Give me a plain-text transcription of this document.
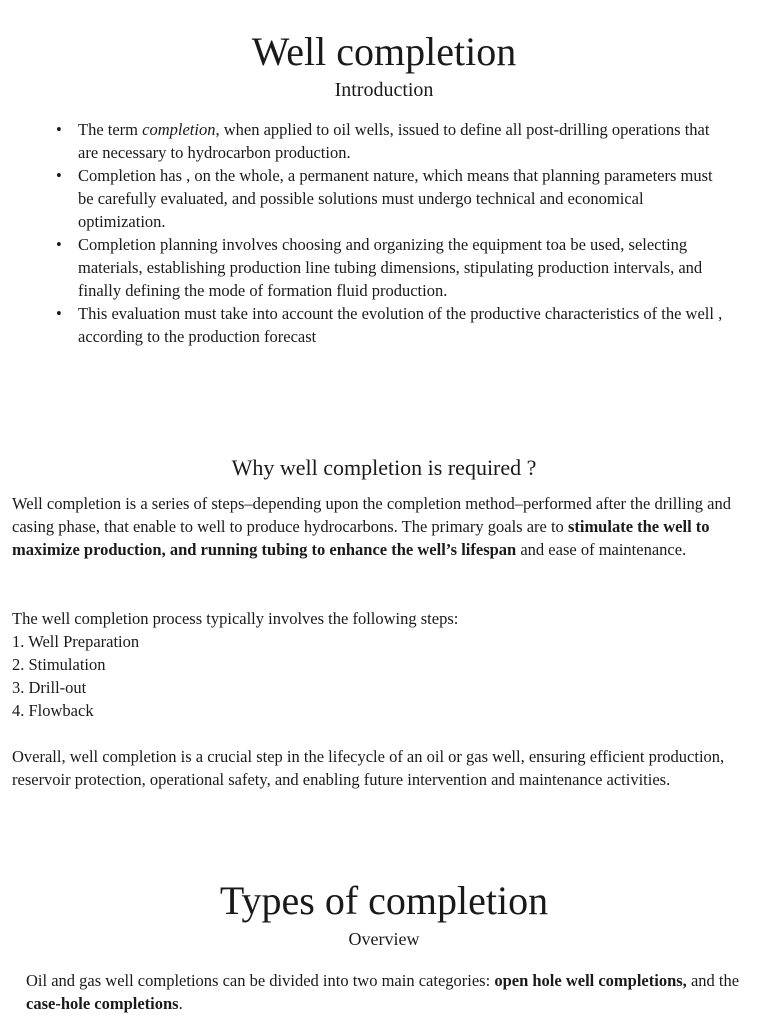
Well completion
Introduction
• The term completion, when applied to oil wells, issued to define all post-drilling operations that are necessary to hydrocarbon production.
• Completion has , on the whole, a permanent nature, which means that planning parameters must be carefully evaluated, and possible solutions must undergo technical and economical optimization.
• Completion planning involves choosing and organizing the equipment toa be used, selecting materials, establishing production line tubing dimensions, stipulating production intervals, and finally defining the mode of formation fluid production.
• This evaluation must take into account the evolution of the productive characteristics of the well , according to the production forecast
Why well completion is required ?
Well completion is a series of steps–depending upon the completion method–performed after the drilling and casing phase, that enable to well to produce hydrocarbons. The primary goals are to stimulate the well to maximize production, and running tubing to enhance the well’s lifespan and ease of maintenance.
The well completion process typically involves the following steps:
1. Well Preparation
2. Stimulation
3. Drill-out
4. Flowback
Overall, well completion is a crucial step in the lifecycle of an oil or gas well, ensuring efficient production, reservoir protection, operational safety, and enabling future intervention and maintenance activities.
Types of completion
Overview
Oil and gas well completions can be divided into two main categories: open hole well completions, and the case-hole completions.
